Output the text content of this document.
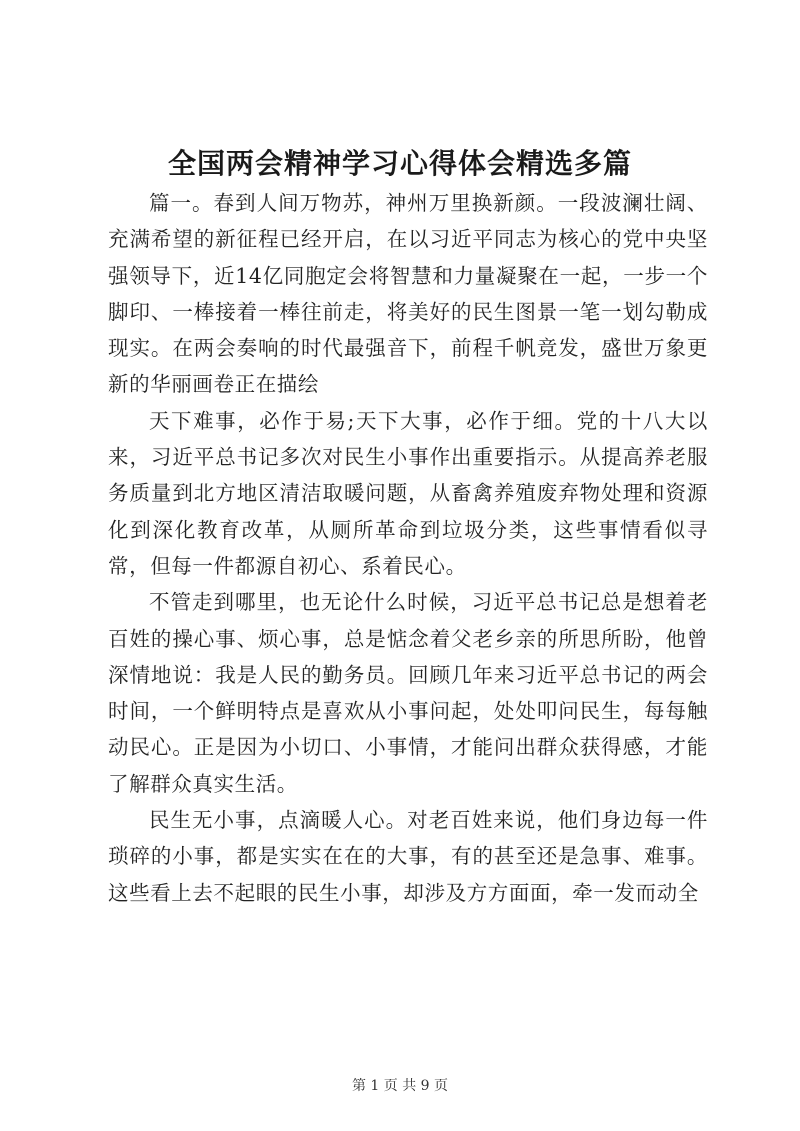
全国两会精神学习心得体会精选多篇

篇一。春到人间万物苏，神州万里换新颜。一段波澜壮阔、充满希望的新征程已经开启，在以习近平同志为核心的党中央坚强领导下，近14亿同胞定会将智慧和力量凝聚在一起，一步一个脚印、一棒接着一棒往前走，将美好的民生图景一笔一划勾勒成现实。在两会奏响的时代最强音下，前程千帆竞发，盛世万象更新的华丽画卷正在描绘

天下难事，必作于易;天下大事，必作于细。党的十八大以来，习近平总书记多次对民生小事作出重要指示。从提高养老服务质量到北方地区清洁取暖问题，从畜禽养殖废弃物处理和资源化到深化教育改革，从厕所革命到垃圾分类，这些事情看似寻常，但每一件都源自初心、系着民心。

不管走到哪里，也无论什么时候，习近平总书记总是想着老百姓的操心事、烦心事，总是惦念着父老乡亲的所思所盼，他曾深情地说：我是人民的勤务员。回顾几年来习近平总书记的两会时间，一个鲜明特点是喜欢从小事问起，处处叩问民生，每每触动民心。正是因为小切口、小事情，才能问出群众获得感，才能了解群众真实生活。

民生无小事，点滴暖人心。对老百姓来说，他们身边每一件琐碎的小事，都是实实在在的大事，有的甚至还是急事、难事。这些看上去不起眼的民生小事，却涉及方方面面，牵一发而动全

第 1 页 共 9 页
